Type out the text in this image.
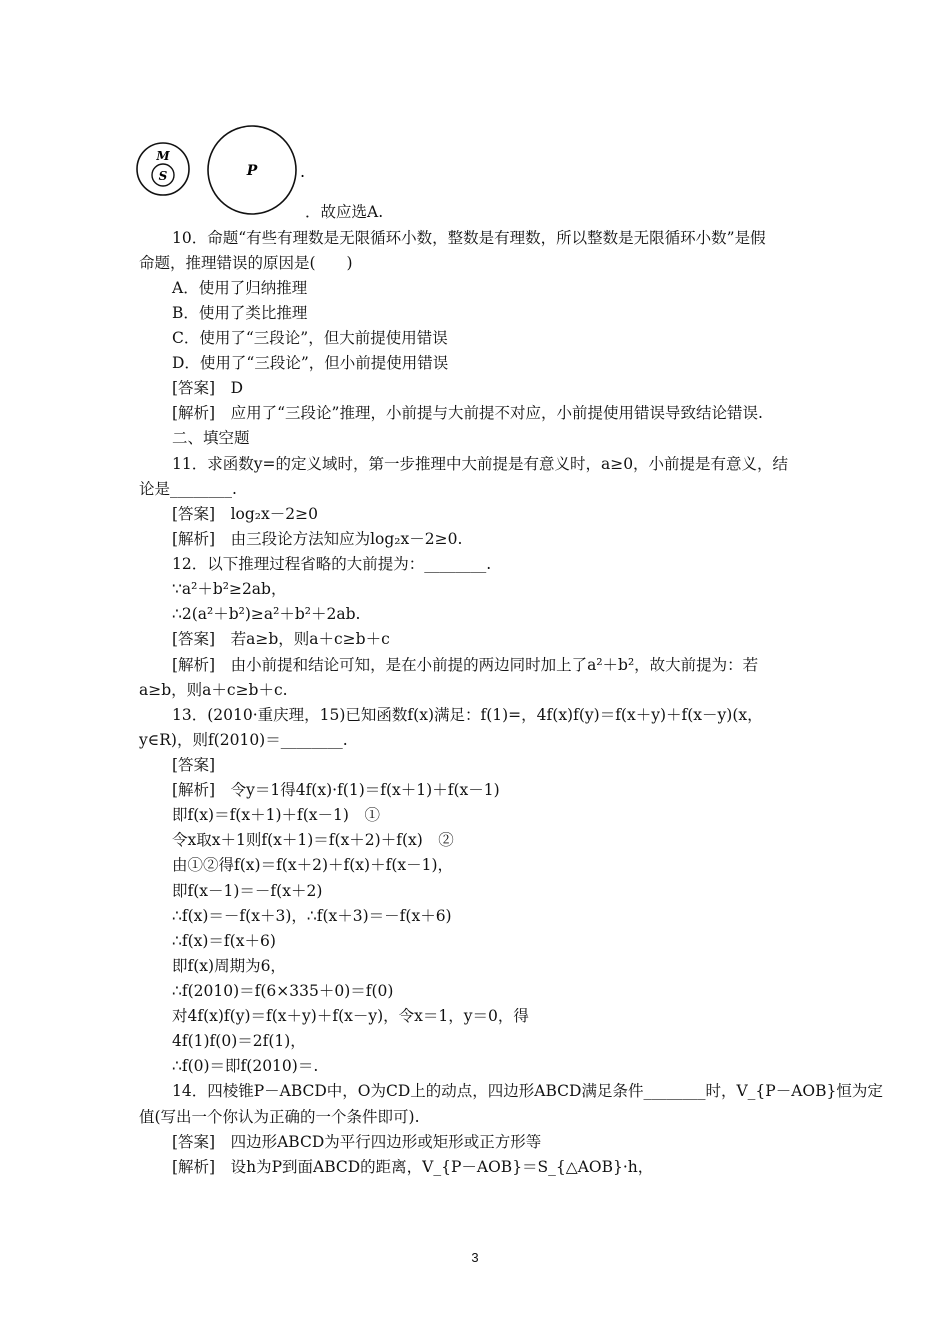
M
S	P	.
．故应选A.
10．命题“有些有理数是无限循环小数，整数是有理数，所以整数是无限循环小数”是假
命题，推理错误的原因是(　　)
A．使用了归纳推理
B．使用了类比推理
C．使用了“三段论”，但大前提使用错误
D．使用了“三段论”，但小前提使用错误
[答案]　D
[解析]　应用了“三段论”推理，小前提与大前提不对应，小前提使用错误导致结论错误.
二、填空题
11．求函数y=的定义域时，第一步推理中大前提是有意义时，a≥0，小前提是有意义，结
论是________.
[答案]　log₂x－2≥0
[解析]　由三段论方法知应为log₂x－2≥0.
12．以下推理过程省略的大前提为：________.
∵a²＋b²≥2ab，
∴2(a²＋b²)≥a²＋b²＋2ab.
[答案]　若a≥b，则a＋c≥b＋c
[解析]　由小前提和结论可知，是在小前提的两边同时加上了a²＋b²，故大前提为：若
a≥b，则a＋c≥b＋c.
13．(2010·重庆理，15)已知函数f(x)满足：f(1)=，4f(x)f(y)＝f(x＋y)＋f(x－y)(x，
y∈R)，则f(2010)＝________.
[答案]
[解析]　令y＝1得4f(x)·f(1)＝f(x＋1)＋f(x－1)
即f(x)＝f(x＋1)＋f(x－1)　①
令x取x＋1则f(x＋1)＝f(x＋2)＋f(x)　②
由①②得f(x)＝f(x＋2)＋f(x)＋f(x－1)，
即f(x－1)＝－f(x＋2)
∴f(x)＝－f(x＋3)，∴f(x＋3)＝－f(x＋6)
∴f(x)＝f(x＋6)
即f(x)周期为6，
∴f(2010)＝f(6×335＋0)＝f(0)
对4f(x)f(y)＝f(x＋y)＋f(x－y)，令x＝1，y＝0，得
4f(1)f(0)＝2f(1)，
∴f(0)＝即f(2010)＝.
14．四棱锥P－ABCD中，O为CD上的动点，四边形ABCD满足条件________时，V_{P－AOB}恒为定
值(写出一个你认为正确的一个条件即可).
[答案]　四边形ABCD为平行四边形或矩形或正方形等
[解析]　设h为P到面ABCD的距离，V_{P－AOB}＝S_{△AOB}·h，
3
